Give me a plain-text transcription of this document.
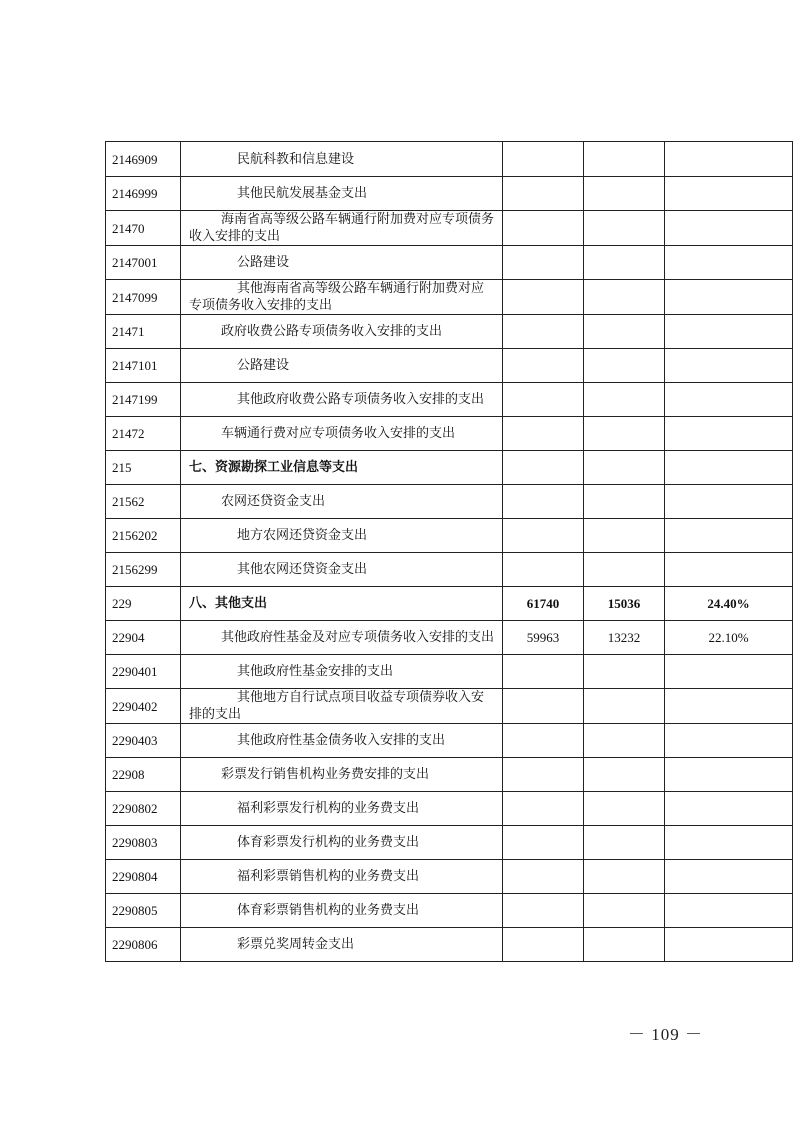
2146909	民航科教和信息建设			
2146999	其他民航发展基金支出			
21470	海南省高等级公路车辆通行附加费对应专项债务收入安排的支出			
2147001	公路建设			
2147099	其他海南省高等级公路车辆通行附加费对应专项债务收入安排的支出			
21471	政府收费公路专项债务收入安排的支出			
2147101	公路建设			
2147199	其他政府收费公路专项债务收入安排的支出			
21472	车辆通行费对应专项债务收入安排的支出			
215	七、资源勘探工业信息等支出			
21562	农网还贷资金支出			
2156202	地方农网还贷资金支出			
2156299	其他农网还贷资金支出			
229	八、其他支出	61740	15036	24.40%
22904	其他政府性基金及对应专项债务收入安排的支出	59963	13232	22.10%
2290401	其他政府性基金安排的支出			
2290402	其他地方自行试点项目收益专项债券收入安排的支出			
2290403	其他政府性基金债务收入安排的支出			
22908	彩票发行销售机构业务费安排的支出			
2290802	福利彩票发行机构的业务费支出			
2290803	体育彩票发行机构的业务费支出			
2290804	福利彩票销售机构的业务费支出			
2290805	体育彩票销售机构的业务费支出			
2290806	彩票兑奖周转金支出			
－ 109 －
